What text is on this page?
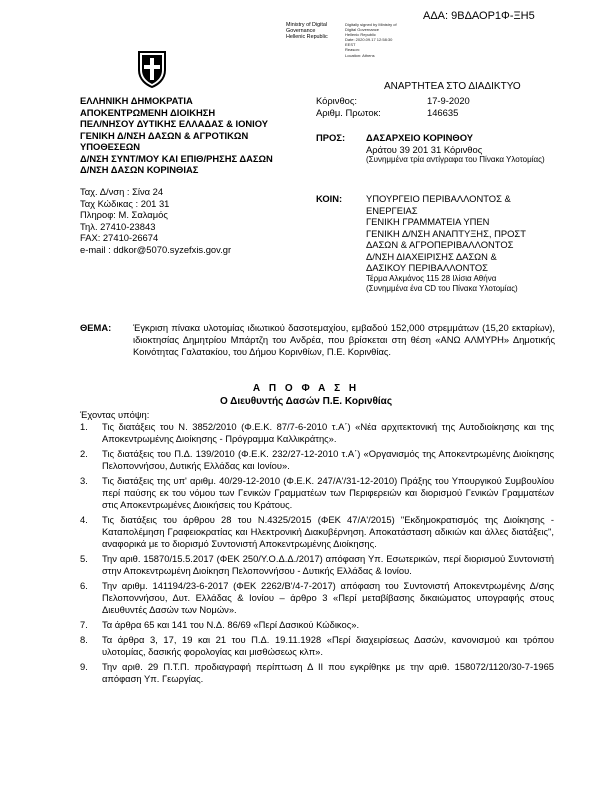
ΑΔΑ: 9ΒΔΑΟΡ1Φ-ΞΗ5
Ministry of Digital
Governance
Hellenic Republic
Digitally signed by Ministry of
Digital Governance
Hellenic Republic
Date: 2020.09.17 12:58:30
EEST
Reason:
Location: Athens
ΕΛΛΗΝΙΚΗ ΔΗΜΟΚΡΑΤΙΑ
ΑΠΟΚΕΝΤΡΩΜΕΝΗ ΔΙΟΙΚΗΣΗ
ΠΕΛ/ΝΗΣΟΥ ΔΥΤΙΚΗΣ ΕΛΛΑΔΑΣ & ΙΟΝΙΟΥ
ΓΕΝΙΚΗ Δ/ΝΣΗ ΔΑΣΩΝ & ΑΓΡΟΤΙΚΩΝ
ΥΠΟΘΕΣΕΩΝ
Δ/ΝΣΗ ΣΥΝΤ/ΜΟΥ ΚΑΙ ΕΠΙΘ/ΡΗΣΗΣ ΔΑΣΩΝ
Δ/ΝΣΗ ΔΑΣΩΝ ΚΟΡΙΝΘΙΑΣ
Ταχ. Δ/νση : Σίνα 24
Ταχ Κώδικας : 201 31
Πληροφ: Μ. Σαλαμός
Τηλ. 27410-23843
FAX: 27410-26674
e-mail : ddkor@5070.syzefxis.gov.gr
ΑΝΑΡΤΗΤΕΑ ΣΤΟ ΔΙΑΔΙΚΤΥΟ
Κόρινθος:	17-9-2020
Αριθμ. Πρωτοκ:	146635
ΠΡΟΣ: ΔΑΣΑΡΧΕΙΟ ΚΟΡΙΝΘΟΥ
Αράτου 39 201 31 Κόρινθος
(Συνημμένα τρία αντίγραφα του Πίνακα Υλοτομίας)
ΚΟΙΝ:	ΥΠΟΥΡΓΕΙΟ ΠΕΡΙΒΑΛΛΟΝΤΟΣ &
ΕΝΕΡΓΕΙΑΣ
ΓΕΝΙΚΗ ΓΡΑΜΜΑΤΕΙΑ ΥΠΕΝ
ΓΕΝΙΚΗ Δ/ΝΣΗ ΑΝΑΠΤΥΞΗΣ, ΠΡΟΣΤ
ΔΑΣΩΝ & ΑΓΡΟΠΕΡΙΒΑΛΛΟΝΤΟΣ
Δ/ΝΣΗ ΔΙΑΧΕΙΡΙΣΗΣ ΔΑΣΩΝ &
ΔΑΣΙΚΟΥ ΠΕΡΙΒΑΛΛΟΝΤΟΣ
Τέρμα Αλκμάνος 115 28 Ιλίσια Αθήνα
(Συνημμένα ένα CD του Πίνακα Υλοτομίας)
ΘΕΜΑ: Έγκριση πίνακα υλοτομίας ιδιωτικού δασοτεμαχίου, εμβαδού 152,000 στρεμμάτων (15,20 εκταρίων), ιδιοκτησίας Δημητρίου Μπάρτζη του Ανδρέα, που βρίσκεται στη θέση «ΑΝΩ ΑΛΜΥΡΗ» Δημοτικής Κοινότητας Γαλατακίου, του Δήμου Κορινθίων, Π.Ε. Κορινθίας.
Α Π Ο Φ Α Σ Η
Ο Διευθυντής Δασών Π.Ε. Κορινθίας
Έχοντας υπόψη:
1.	Τις διατάξεις του Ν. 3852/2010 (Φ.Ε.Κ. 87/7-6-2010 τ.Α΄) «Νέα αρχιτεκτονική της Αυτοδιοίκησης και της Αποκεντρωμένης Διοίκησης - Πρόγραμμα Καλλικράτης».
2.	Τις διατάξεις του Π.Δ. 139/2010 (Φ.Ε.Κ. 232/27-12-2010 τ.Α΄) «Οργανισμός της Αποκεντρωμένης Διοίκησης Πελοποννήσου, Δυτικής Ελλάδας και Ιονίου».
3.	Τις διατάξεις της υπ' αριθμ. 40/29-12-2010 (Φ.Ε.Κ. 247/Α'/31-12-2010) Πράξης του Υπουργικού Συμβουλίου περί παύσης εκ του νόμου των Γενικών Γραμματέων των Περιφερειών και διορισμού Γενικών Γραμματέων στις Αποκεντρωμένες Διοικήσεις του Κράτους.
4.	Τις διατάξεις του άρθρου 28 του Ν.4325/2015 (ΦΕΚ 47/Α'/2015) "Εκδημοκρατισμός της Διοίκησης - Καταπολέμηση Γραφειοκρατίας και Ηλεκτρονική Διακυβέρνηση. Αποκατάσταση αδικιών και άλλες διατάξεις", αναφορικά με το διορισμό Συντονιστή Αποκεντρωμένης Διοίκησης.
5.	Την αριθ. 15870/15.5.2017 (ΦΕΚ 250/Υ.Ο.Δ.Δ./2017) απόφαση Υπ. Εσωτερικών, περί διορισμού Συντονιστή στην Αποκεντρωμένη Διοίκηση Πελοποννήσου - Δυτικής Ελλάδας & Ιονίου.
6.	Την αριθμ. 141194/23-6-2017 (ΦΕΚ 2262/Β'/4-7-2017) απόφαση του Συντονιστή Αποκεντρωμένης Δ/σης Πελοποννήσου, Δυτ. Ελλάδας & Ιονίου – άρθρο 3 «Περί μεταβίβασης δικαιώματος υπογραφής στους Διευθυντές Δασών των Νομών».
7.	Τα άρθρα 65 και 141 του Ν.Δ. 86/69 «Περί Δασικού Κώδικος».
8.	Τα άρθρα 3, 17, 19 και 21 του Π.Δ. 19.11.1928 «Περί διαχειρίσεως Δασών, κανονισμού και τρόπου υλοτομίας, δασικής φορολογίας και μισθώσεως κλπ».
9.	Την αριθ. 29 Π.Τ.Π. προδιαγραφή περίπτωση Δ ΙΙ που εγκρίθηκε με την αριθ. 158072/1120/30-7-1965 απόφαση Υπ. Γεωργίας.
